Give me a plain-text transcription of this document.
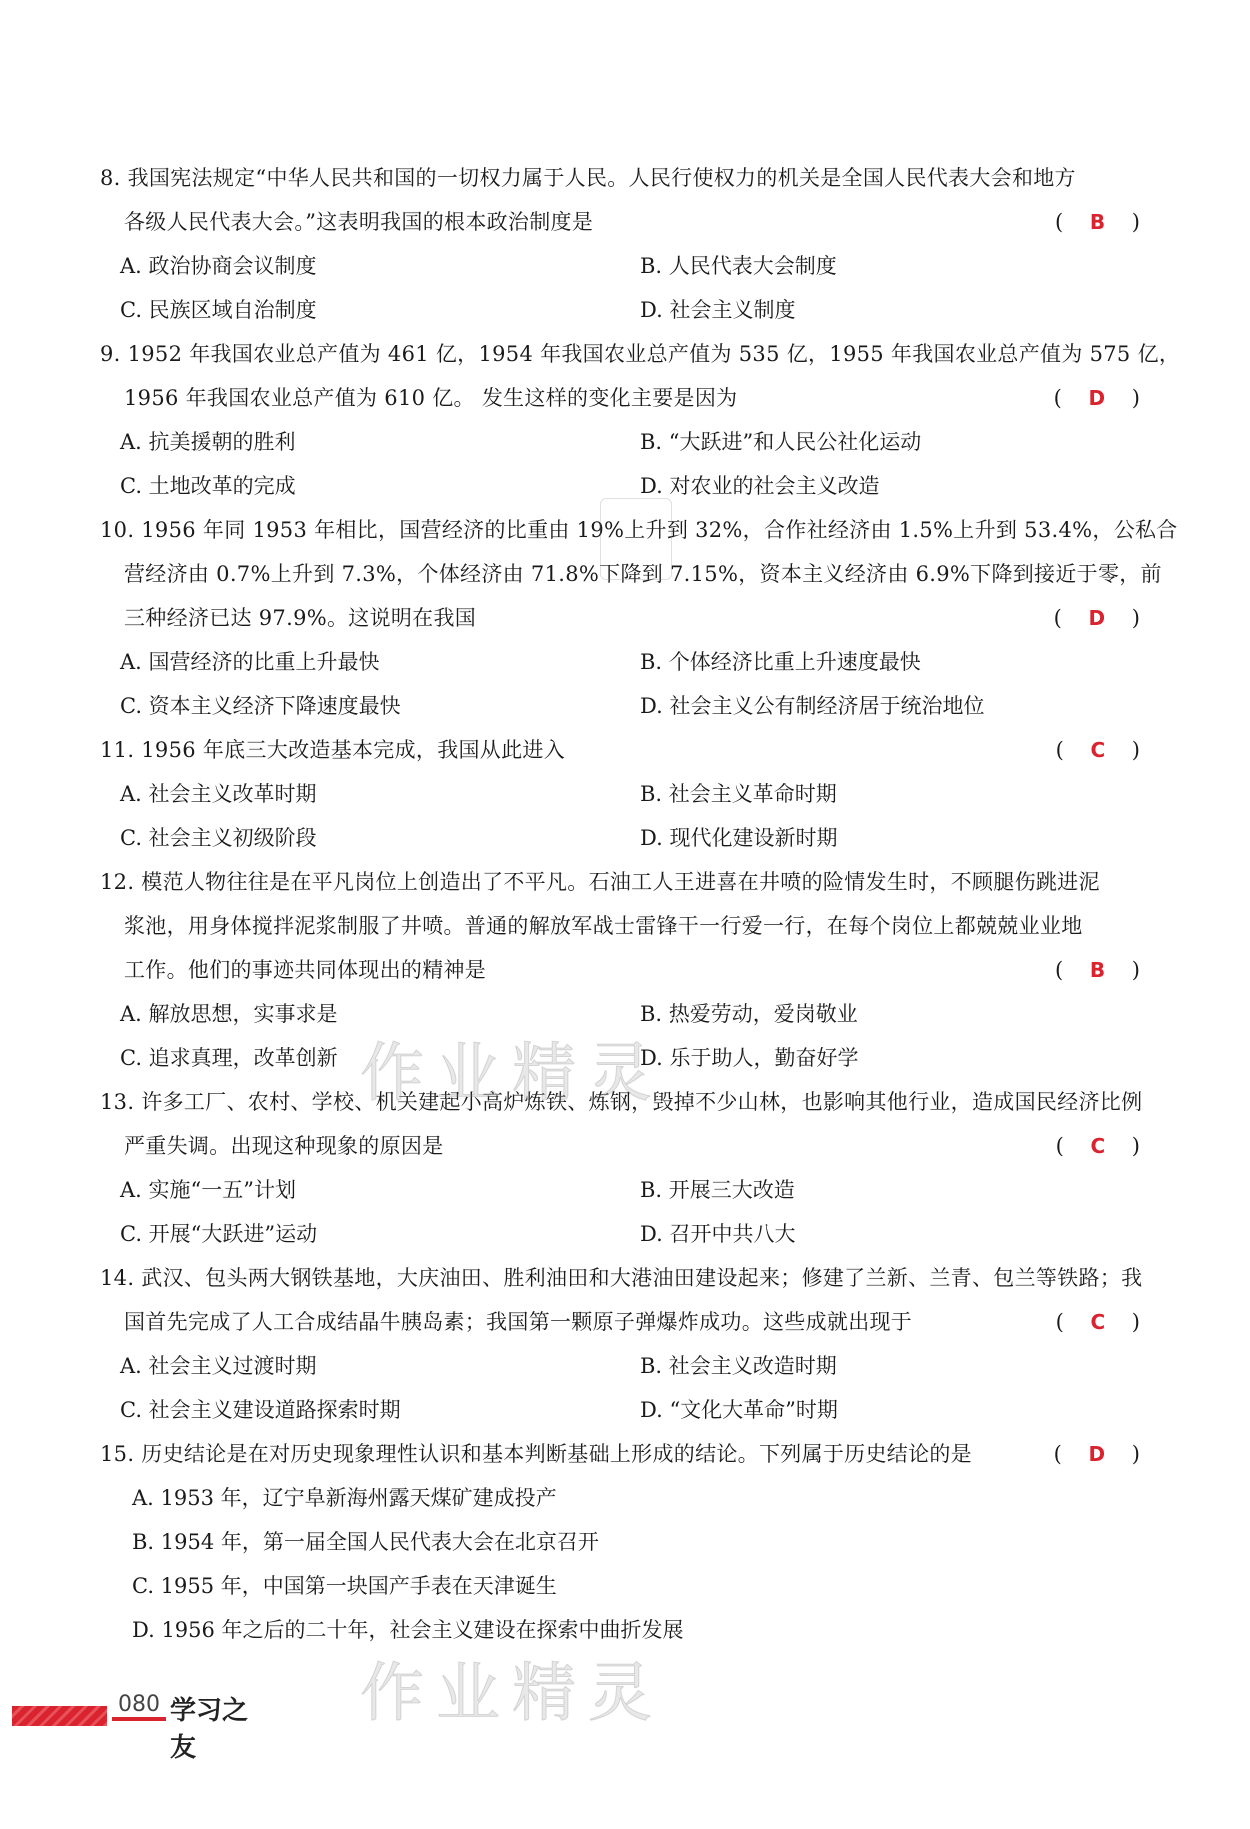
8. 我国宪法规定“中华人民共和国的一切权力属于人民。人民行使权力的机关是全国人民代表大会和地方
各级人民代表大会。”这表明我国的根本政治制度是	( B )
A. 政治协商会议制度	B. 人民代表大会制度
C. 民族区域自治制度	D. 社会主义制度
9. 1952 年我国农业总产值为 461 亿，1954 年我国农业总产值为 535 亿，1955 年我国农业总产值为 575 亿，
1956 年我国农业总产值为 610 亿。 发生这样的变化主要是因为	( D )
A. 抗美援朝的胜利	B. “大跃进”和人民公社化运动
C. 土地改革的完成	D. 对农业的社会主义改造
10. 1956 年同 1953 年相比，国营经济的比重由 19%上升到 32%，合作社经济由 1.5%上升到 53.4%，公私合
营经济由 0.7%上升到 7.3%，个体经济由 71.8%下降到 7.15%，资本主义经济由 6.9%下降到接近于零，前
三种经济已达 97.9%。这说明在我国	( D )
A. 国营经济的比重上升最快	B. 个体经济比重上升速度最快
C. 资本主义经济下降速度最快	D. 社会主义公有制经济居于统治地位
11. 1956 年底三大改造基本完成，我国从此进入	( C )
A. 社会主义改革时期	B. 社会主义革命时期
C. 社会主义初级阶段	D. 现代化建设新时期
12. 模范人物往往是在平凡岗位上创造出了不平凡。石油工人王进喜在井喷的险情发生时，不顾腿伤跳进泥
浆池，用身体搅拌泥浆制服了井喷。普通的解放军战士雷锋干一行爱一行，在每个岗位上都兢兢业业地
工作。他们的事迹共同体现出的精神是	( B )
A. 解放思想，实事求是	B. 热爱劳动，爱岗敬业
C. 追求真理，改革创新	D. 乐于助人，勤奋好学
13. 许多工厂、农村、学校、机关建起小高炉炼铁、炼钢，毁掉不少山林，也影响其他行业，造成国民经济比例
严重失调。出现这种现象的原因是	( C )
A. 实施“一五”计划	B. 开展三大改造
C. 开展“大跃进”运动	D. 召开中共八大
14. 武汉、包头两大钢铁基地，大庆油田、胜利油田和大港油田建设起来；修建了兰新、兰青、包兰等铁路；我
国首先完成了人工合成结晶牛胰岛素；我国第一颗原子弹爆炸成功。这些成就出现于	( C )
A. 社会主义过渡时期	B. 社会主义改造时期
C. 社会主义建设道路探索时期	D. “文化大革命”时期
15. 历史结论是在对历史现象理性认识和基本判断基础上形成的结论。下列属于历史结论的是	( D )
A. 1953 年，辽宁阜新海州露天煤矿建成投产
B. 1954 年，第一届全国人民代表大会在北京召开
C. 1955 年，中国第一块国产手表在天津诞生
D. 1956 年之后的二十年，社会主义建设在探索中曲折发展
作业精灵
作业精灵
080 学习之友
